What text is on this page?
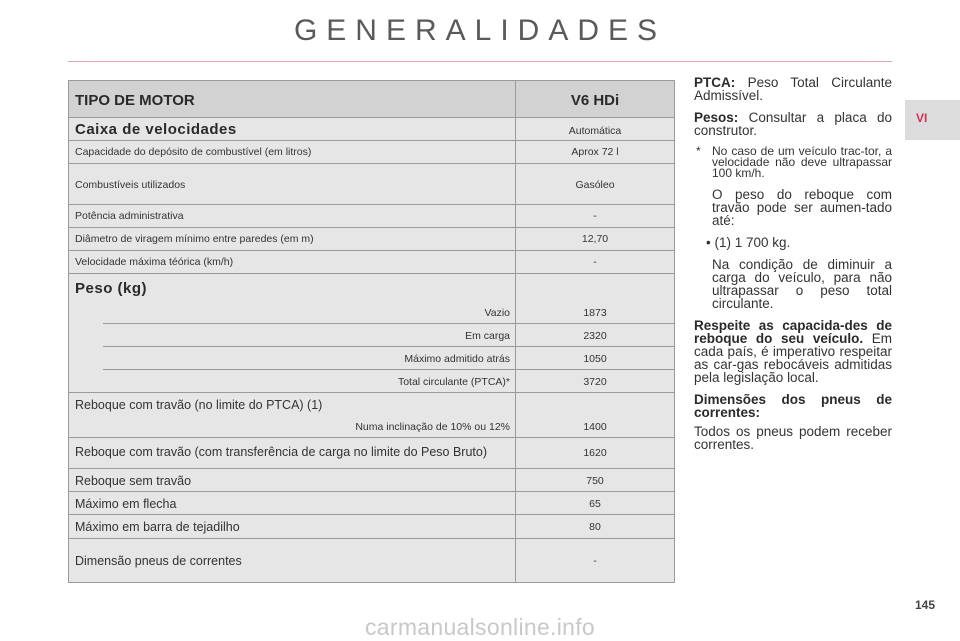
GENERALIDADES
VI
TIPO DE MOTOR	V6 HDi
Caixa de velocidades	Automática
Capacidade do depósito de combustível (em litros)	Aprox 72 l
Combustíveis utilizados	Gasóleo
Potência administrativa	-
Diâmetro de viragem mínimo entre paredes (em m)	12,70
Velocidade máxima téórica (km/h)	-
Peso (kg)
Vazio	1873
Em carga	2320
Máximo admitido atrás	1050
Total circulante (PTCA)*	3720
Reboque com travão (no limite do PTCA) (1)
Numa inclinação de 10% ou 12%	1400
Reboque com travão (com transferência de carga no limite do Peso Bruto)	1620
Reboque sem travão	750
Máximo em flecha	65
Máximo em barra de tejadilho	80
Dimensão pneus de correntes	-

PTCA: Peso Total Circulante Admissível.

Pesos: Consultar a placa do construtor.

* No caso de um veículo trac-tor, a velocidade não deve ultrapassar 100 km/h.

O peso do reboque com travão pode ser aumen-tado até:

• (1) 1 700 kg.

Na condição de diminuir a carga do veículo, para não ultrapassar o peso total circulante.

Respeite as capacida-des de reboque do seu veículo. Em cada país, é imperativo respeitar as car-gas rebocáveis admitidas pela legislação local.

Dimensões dos pneus de correntes:

Todos os pneus podem receber correntes.

145
carmanualsonline.info
